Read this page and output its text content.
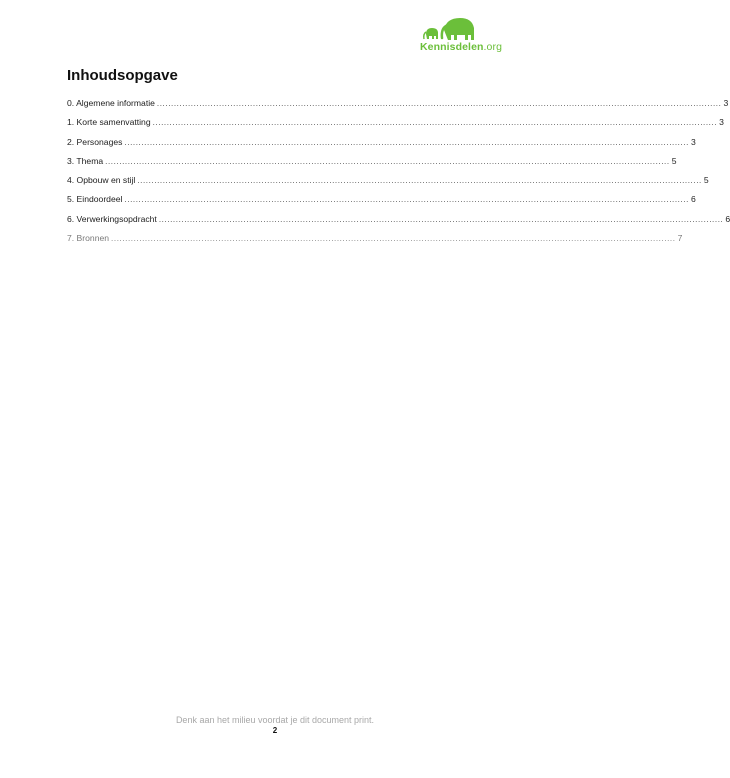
Kennisdelen.org
Inhoudsopgave
0. Algemene informatie ........................................................................................................................................................................................................ 3
1. Korte samenvatting ........................................................................................................................................................................................................ 3
2. Personages ........................................................................................................................................................................................................ 3
3. Thema ........................................................................................................................................................................................................ 5
4. Opbouw en stijl ........................................................................................................................................................................................................ 5
5. Eindoordeel ........................................................................................................................................................................................................ 6
6. Verwerkingsopdracht ........................................................................................................................................................................................................ 6
7. Bronnen ........................................................................................................................................................................................................ 7
Denk aan het milieu voordat je dit document print.
2
